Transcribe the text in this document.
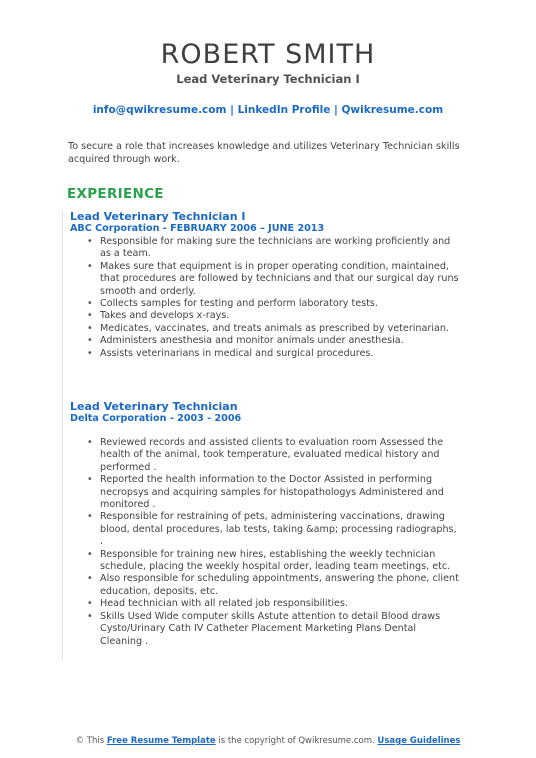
ROBERT SMITH
Lead Veterinary Technician I
info@qwikresume.com | LinkedIn Profile | Qwikresume.com
To secure a role that increases knowledge and utilizes Veterinary Technician skills acquired through work.
EXPERIENCE
Lead Veterinary Technician I
ABC Corporation - FEBRUARY 2006 – JUNE 2013
• Responsible for making sure the technicians are working proficiently and as a team.
• Makes sure that equipment is in proper operating condition, maintained, that procedures are followed by technicians and that our surgical day runs smooth and orderly.
• Collects samples for testing and perform laboratory tests.
• Takes and develops x-rays.
• Medicates, vaccinates, and treats animals as prescribed by veterinarian.
• Administers anesthesia and monitor animals under anesthesia.
• Assists veterinarians in medical and surgical procedures.
Lead Veterinary Technician
Delta Corporation - 2003 - 2006
• Reviewed records and assisted clients to evaluation room Assessed the health of the animal, took temperature, evaluated medical history and performed .
• Reported the health information to the Doctor Assisted in performing necropsys and acquiring samples for histopathologys Administered and monitored .
• Responsible for restraining of pets, administering vaccinations, drawing blood, dental procedures, lab tests, taking &amp; processing radiographs, .
• Responsible for training new hires, establishing the weekly technician schedule, placing the weekly hospital order, leading team meetings, etc.
• Also responsible for scheduling appointments, answering the phone, client education, deposits, etc.
• Head technician with all related job responsibilities.
• Skills Used Wide computer skills Astute attention to detail Blood draws Cysto/Urinary Cath IV Catheter Placement Marketing Plans Dental Cleaning .
© This Free Resume Template is the copyright of Qwikresume.com. Usage Guidelines
